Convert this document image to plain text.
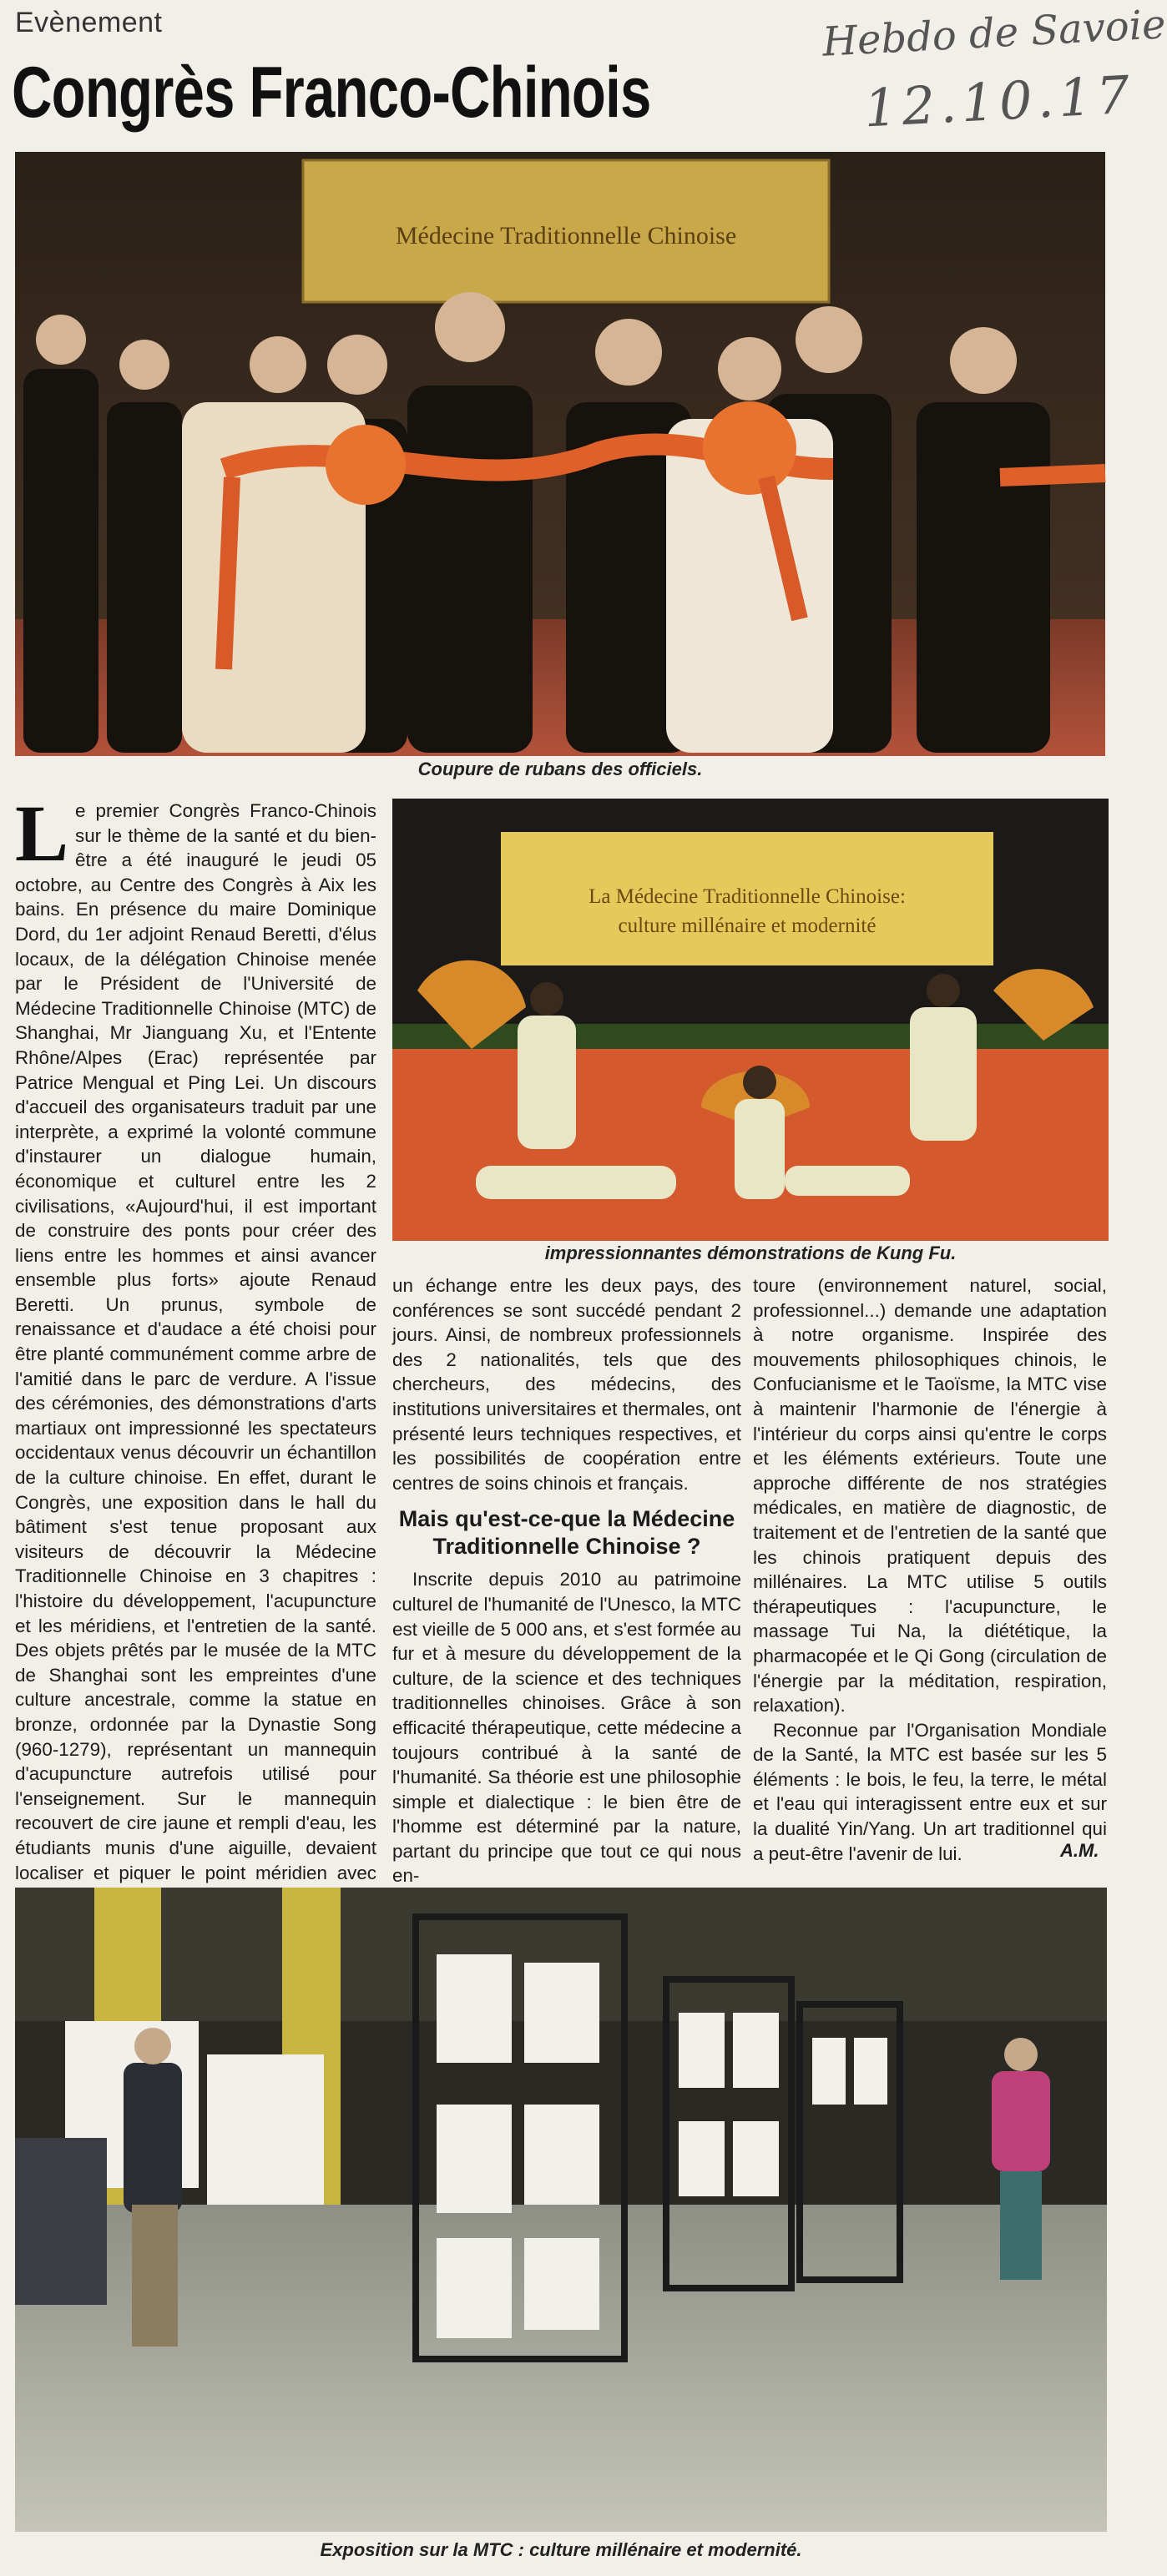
Evènement
Congrès Franco-Chinois
Hebdo de Savoie
12.10.17
Médecine Traditionnelle Chinoise
Coupure de rubans des officiels.

Le premier Congrès Franco-Chinois sur le thème de la santé et du bien-être a été inauguré le jeudi 05 octobre, au Centre des Congrès à Aix les bains. En présence du maire Dominique Dord, du 1er adjoint Renaud Beretti, d'élus locaux, de la délégation Chinoise menée par le Président de l'Université de Médecine Traditionnelle Chinoise (MTC) de Shanghai, Mr Jianguang Xu, et l'Entente Rhône/Alpes (Erac) représentée par Patrice Mengual et Ping Lei. Un discours d'accueil des organisateurs traduit par une interprète, a exprimé la volonté commune d'instaurer un dialogue humain, économique et culturel entre les 2 civilisations, «Aujourd'hui, il est important de construire des ponts pour créer des liens entre les hommes et ainsi avancer ensemble plus forts» ajoute Renaud Beretti. Un prunus, symbole de renaissance et d'audace a été choisi pour être planté communément comme arbre de l'amitié dans le parc de verdure. A l'issue des cérémonies, des démonstrations d'arts martiaux ont impressionné les spectateurs occidentaux venus découvrir un échantillon de la culture chinoise. En effet, durant le Congrès, une exposition dans le hall du bâtiment s'est tenue proposant aux visiteurs de découvrir la Médecine Traditionnelle Chinoise en 3 chapitres : l'histoire du développement, l'acupuncture et les méridiens, et l'entretien de la santé. Des objets prêtés par le musée de la MTC de Shanghai sont les empreintes d'une culture ancestrale, comme la statue en bronze, ordonnée par la Dynastie Song (960-1279), représentant un mannequin d'acupuncture autrefois utilisé pour l'enseignement. Sur le mannequin recouvert de cire jaune et rempli d'eau, les étudiants munis d'une aiguille, devaient localiser et piquer le point méridien avec

La Médecine Traditionnelle Chinoise:
culture millénaire et modernité
impressionnantes démonstrations de Kung Fu.

un échange entre les deux pays, des conférences se sont succédé pendant 2 jours. Ainsi, de nombreux professionnels des 2 nationalités, tels que des chercheurs, des médecins, des institutions universitaires et thermales, ont présenté leurs techniques respectives, et les possibilités de coopération entre centres de soins chinois et français.

Mais qu'est-ce-que la Médecine Traditionnelle Chinoise ?

Inscrite depuis 2010 au patrimoine culturel de l'humanité de l'Unesco, la MTC est vieille de 5 000 ans, et s'est formée au fur et à mesure du développement de la culture, de la science et des techniques traditionnelles chinoises. Grâce à son efficacité thérapeutique, cette médecine a toujours contribué à la santé de l'humanité. Sa théorie est une philosophie simple et dialectique : le bien être de l'homme est déterminé par la nature, partant du principe que tout ce qui nous en-

toure (environnement naturel, social, professionnel...) demande une adaptation à notre organisme. Inspirée des mouvements philosophiques chinois, le Confucianisme et le Taoïsme, la MTC vise à maintenir l'harmonie de l'énergie à l'intérieur du corps ainsi qu'entre le corps et les éléments extérieurs. Toute une approche différente de nos stratégies médicales, en matière de diagnostic, de traitement et de l'entretien de la santé que les chinois pratiquent depuis des millénaires. La MTC utilise 5 outils thérapeutiques : l'acupuncture, le massage Tui Na, la diététique, la pharmacopée et le Qi Gong (circulation de l'énergie par la méditation, respiration, relaxation).

Reconnue par l'Organisation Mondiale de la Santé, la MTC est basée sur les 5 éléments : le bois, le feu, la terre, le métal et l'eau qui interagissent entre eux et sur la dualité Yin/Yang. Un art traditionnel qui a peut-être l'avenir de lui.	A.M.
Exposition sur la MTC : culture millénaire et modernité.
